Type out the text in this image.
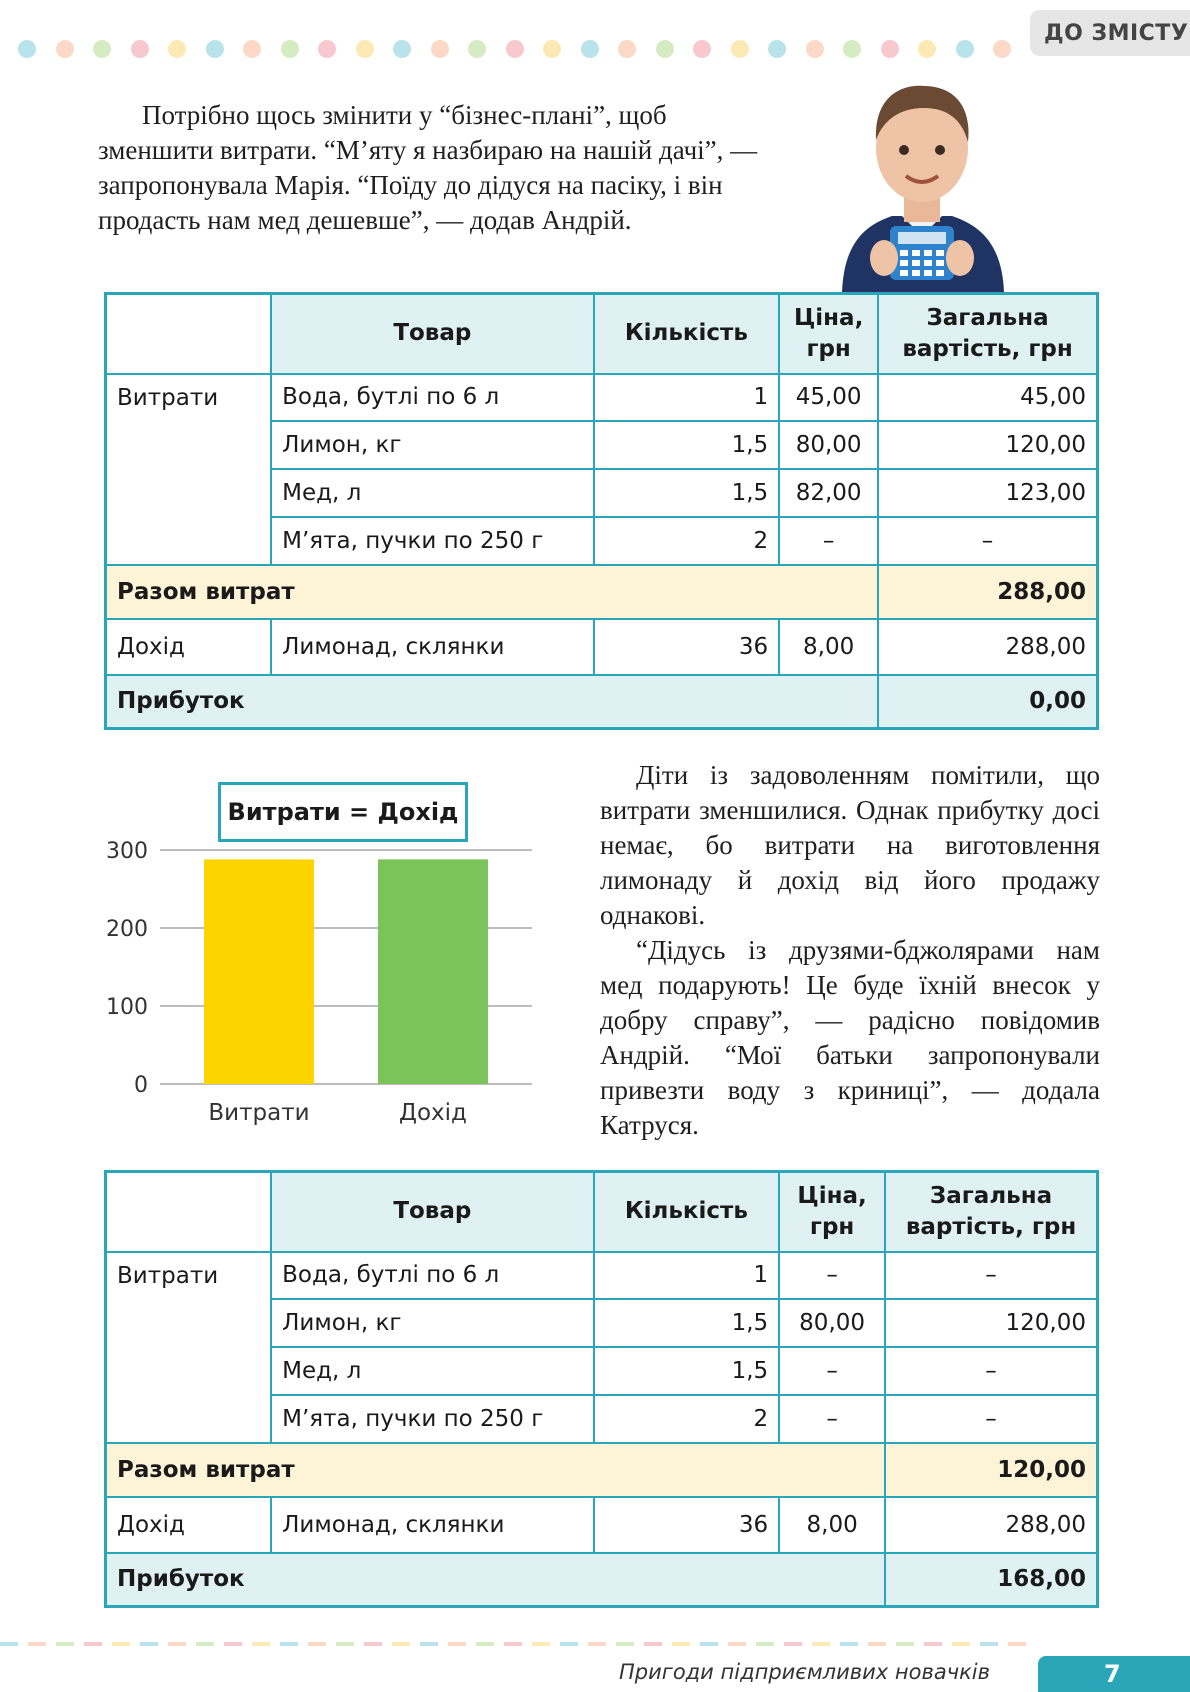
ДО ЗМІСТУ

Потрібно щось змінити у “бізнес-плані”, щоб зменшити витрати. “М’яту я назбираю на нашій дачі”, — запропонувала Марія. “Поїду до дідуся на пасіку, і він продасть нам мед дешевше”, — додав Андрій.

	Товар	Кількість	Ціна, грн	Загальна вартість, грн
Витрати	Вода, бутлі по 6 л	1	45,00	45,00
	Лимон, кг	1,5	80,00	120,00
	Мед, л	1,5	82,00	123,00
	М’ята, пучки по 250 г	2	–	–
Разом витрат				288,00
Дохід	Лимонад, склянки	36	8,00	288,00
Прибуток				0,00
0
100
200
300
Витрати	Дохід
Витрати = Дохід

Діти із задоволенням помітили, що витрати зменшилися. Однак прибутку досі немає, бо витрати на виготовлення лимонаду й дохід від його продажу однакові.

“Дідусь із друзями-бджолярами нам мед подарують! Це буде їхній внесок у добру справу”, — радісно повідомив Андрій. “Мої батьки запропонували привезти воду з криниці”, — додала Катруся.

	Товар	Кількість	Ціна, грн	Загальна вартість, грн
Витрати	Вода, бутлі по 6 л	1	–	–
	Лимон, кг	1,5	80,00	120,00
	Мед, л	1,5	–	–
	М’ята, пучки по 250 г	2	–	–
Разом витрат				120,00
Дохід	Лимонад, склянки	36	8,00	288,00
Прибуток				168,00
Пригоди підприємливих новачків	7
